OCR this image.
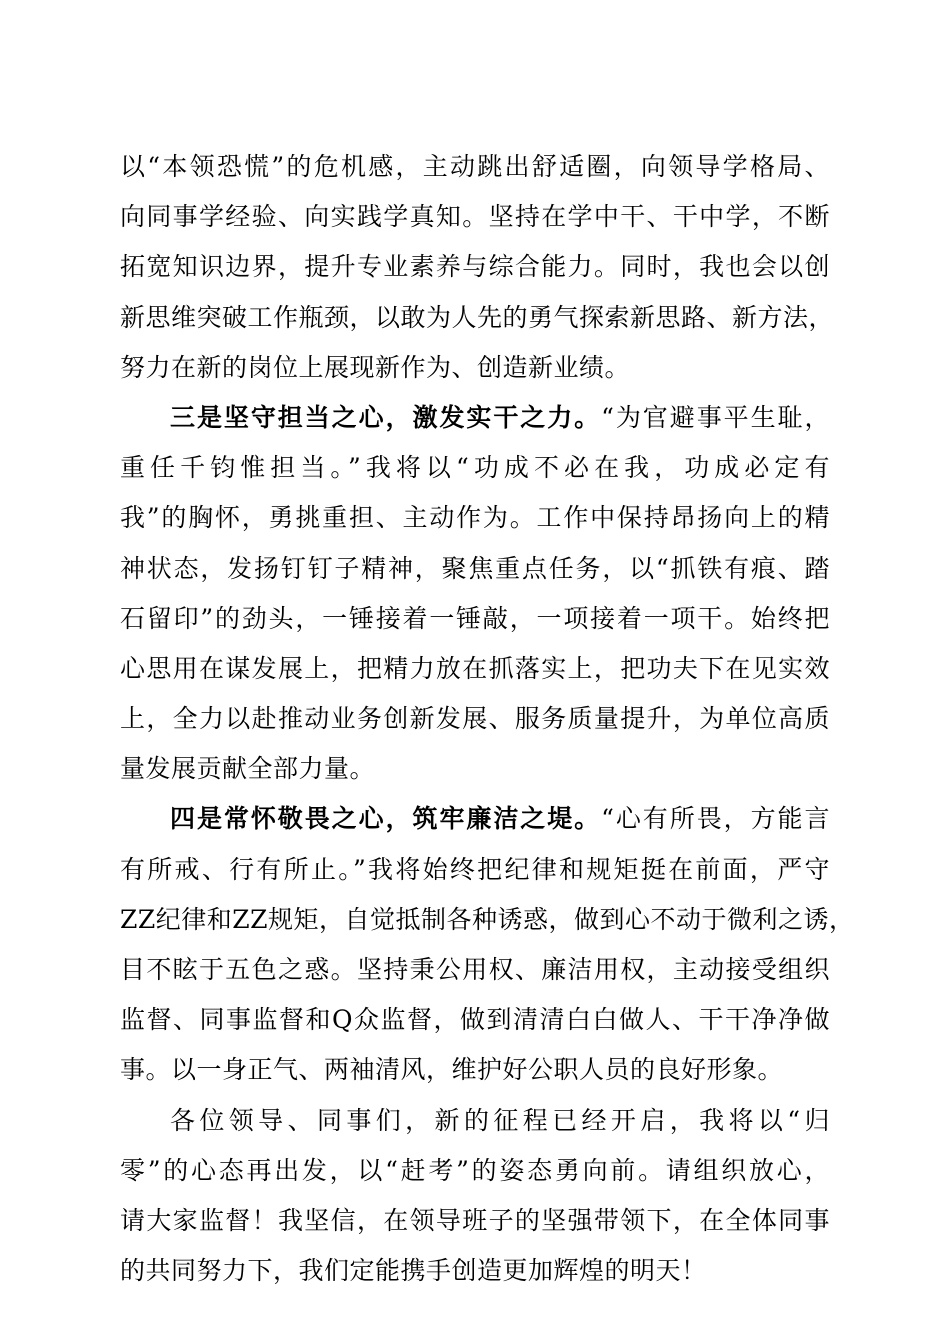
以“本领恐慌”的危机感，主动跳出舒适圈，向领导学格局、
向同事学经验、向实践学真知。坚持在学中干、干中学，不断
拓宽知识边界，提升专业素养与综合能力。同时，我也会以创
新思维突破工作瓶颈，以敢为人先的勇气探索新思路、新方法，
努力在新的岗位上展现新作为、创造新业绩。
三是坚守担当之心，激发实干之力。“为官避事平生耻，
重任千钧惟担当。”我将以“功成不必在我，功成必定有
我”的胸怀，勇挑重担、主动作为。工作中保持昂扬向上的精
神状态，发扬钉钉子精神，聚焦重点任务，以“抓铁有痕、踏
石留印”的劲头，一锤接着一锤敲，一项接着一项干。始终把
心思用在谋发展上，把精力放在抓落实上，把功夫下在见实效
上，全力以赴推动业务创新发展、服务质量提升，为单位高质
量发展贡献全部力量。
四是常怀敬畏之心，筑牢廉洁之堤。“心有所畏，方能言
有所戒、行有所止。”我将始终把纪律和规矩挺在前面，严守
ZZ纪律和ZZ规矩，自觉抵制各种诱惑，做到心不动于微利之诱，
目不眩于五色之惑。坚持秉公用权、廉洁用权，主动接受组织
监督、同事监督和Q众监督，做到清清白白做人、干干净净做
事。以一身正气、两袖清风，维护好公职人员的良好形象。
各位领导、同事们，新的征程已经开启，我将以“归
零”的心态再出发，以“赶考”的姿态勇向前。请组织放心，
请大家监督！我坚信，在领导班子的坚强带领下，在全体同事
的共同努力下，我们定能携手创造更加辉煌的明天！
